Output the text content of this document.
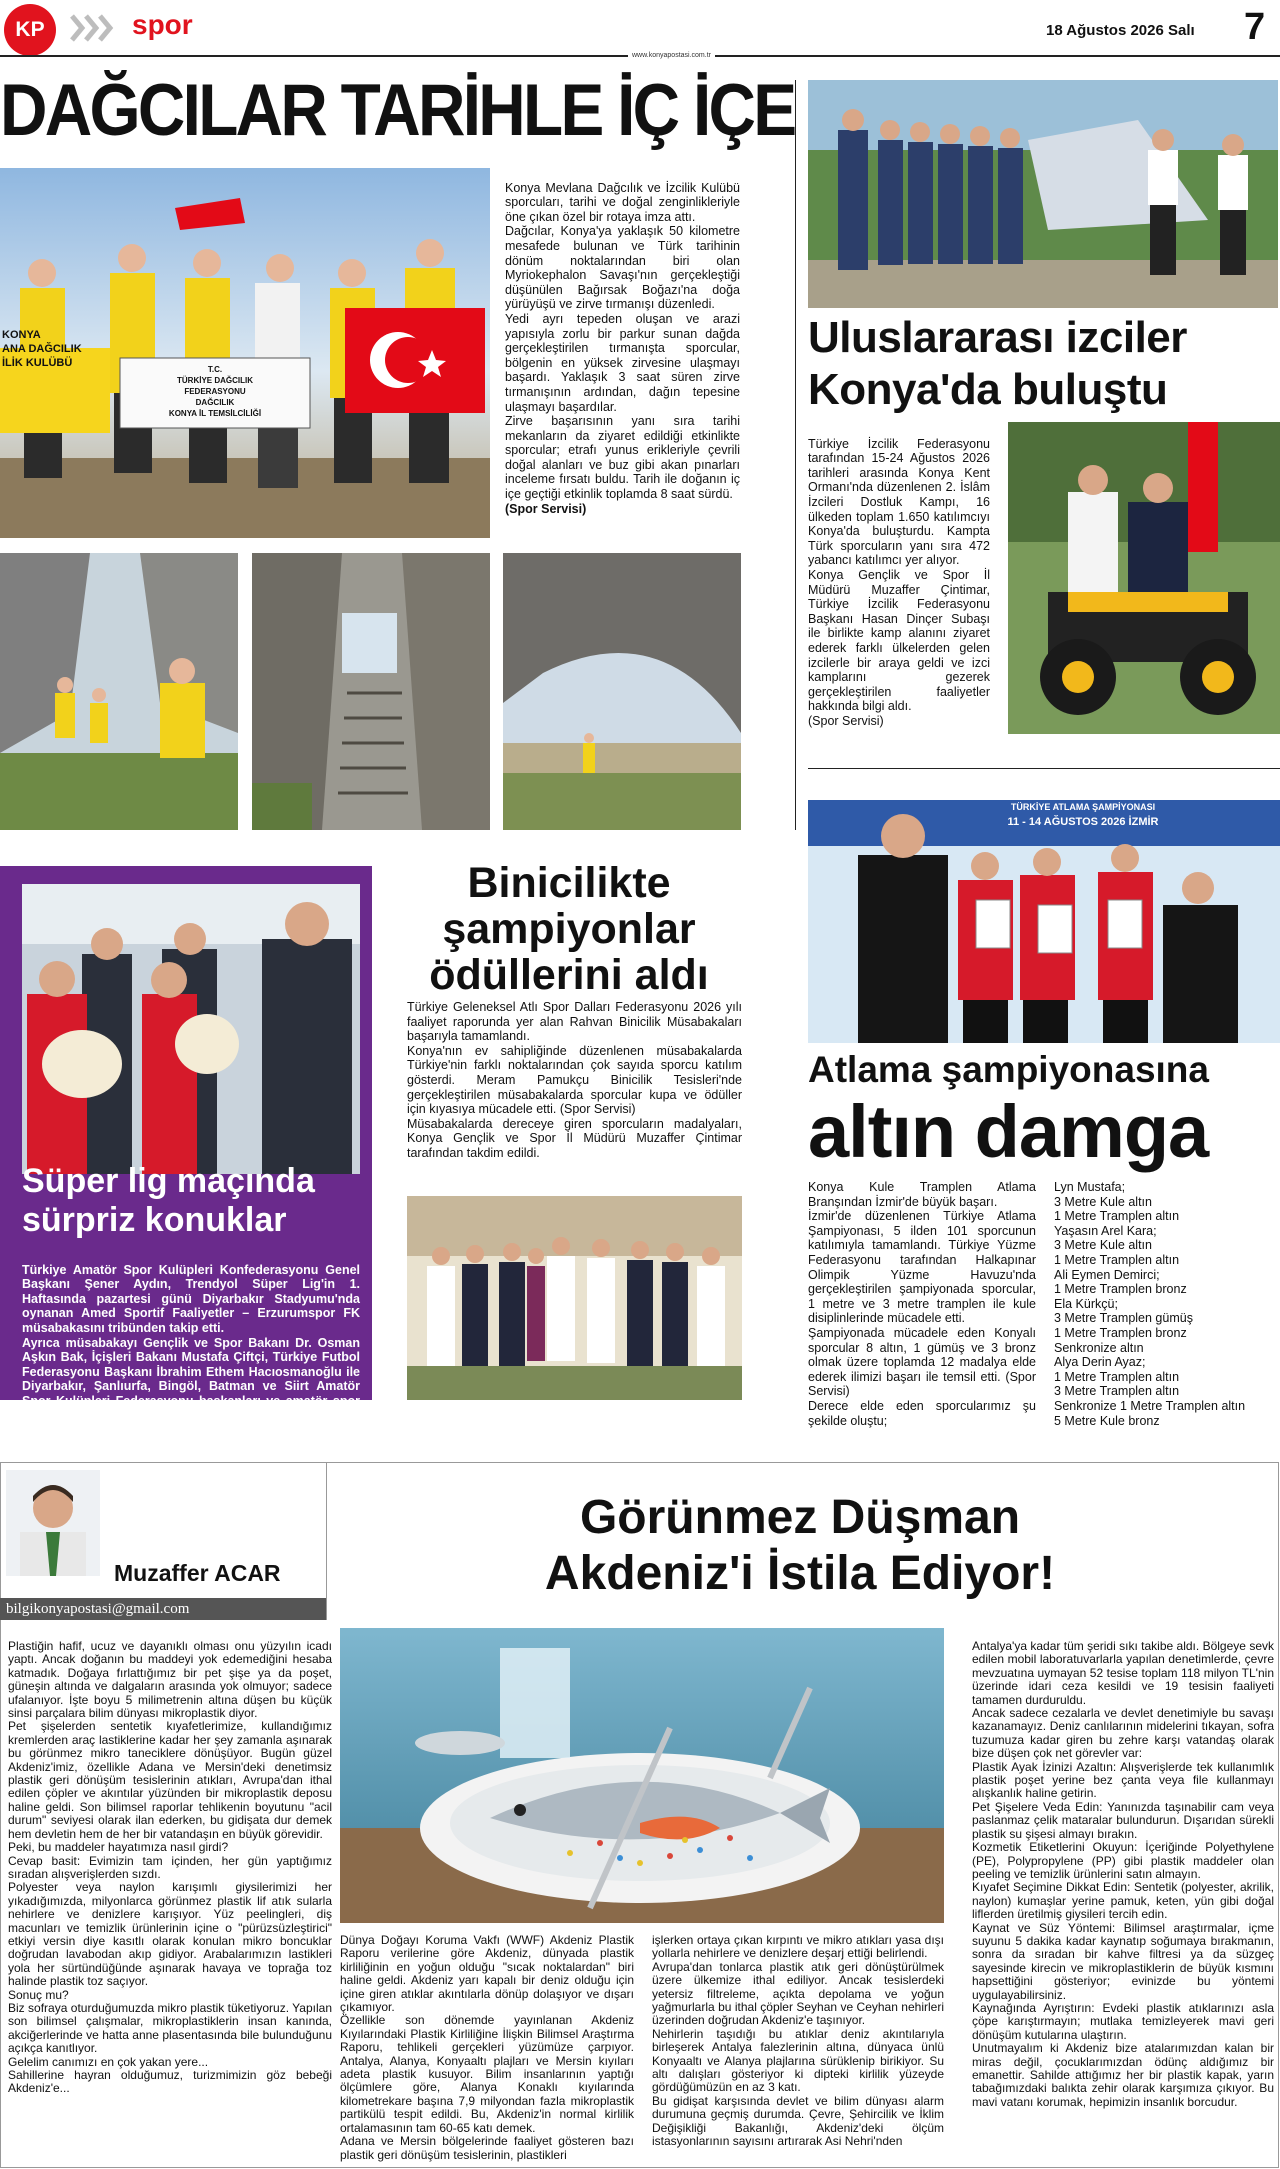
KP	spor	18 Ağustos 2026 Salı 7
www.konyapostasi.com.tr
DAĞCILAR TARİHLE İÇ İÇE
KONYA
ANA DAĞCILIK
İLİK KULÜBÜ
T.C.
TÜRKİYE DAĞCILIK
FEDERASYONU
DAĞCILIK
KONYA İL TEMSİLCİLİĞİ

Konya Mevlana Dağcılık ve İzcilik Kulübü sporcuları, tarihi ve doğal zenginlikleriyle öne çıkan özel bir rotaya imza attı.
Dağcılar, Konya'ya yaklaşık 50 kilometre mesafede bulunan ve Türk tarihinin dönüm noktalarından biri olan Myriokephalon Savaşı'nın gerçekleştiği düşünülen Bağırsak Boğazı'na doğa yürüyüşü ve zirve tırmanışı düzenledi.
Yedi ayrı tepeden oluşan ve arazi yapısıyla zorlu bir parkur sunan dağda gerçekleştirilen tırmanışta sporcular, bölgenin en yüksek zirvesine ulaşmayı başardı. Yaklaşık 3 saat süren zirve tırmanışının ardından, dağın tepesine ulaşmayı başardılar.
Zirve başarısının yanı sıra tarihi mekanların da ziyaret edildiği etkinlikte sporcular; etrafı yunus erikleriyle çevrili doğal alanları ve buz gibi akan pınarları inceleme fırsatı buldu. Tarih ile doğanın iç içe geçtiği etkinlik toplamda 8 saat sürdü.
(Spor Servisi)

Uluslararası izciler Konya'da buluştu

Türkiye İzcilik Federasyonu tarafından 15-24 Ağustos 2026 tarihleri arasında Konya Kent Ormanı'nda düzenlenen 2. İslâm İzcileri Dostluk Kampı, 16 ülkeden toplam 1.650 katılımcıyı Konya'da buluşturdu. Kampta Türk sporcuların yanı sıra 472 yabancı katılımcı yer alıyor.
Konya Gençlik ve Spor İl Müdürü Muzaffer Çintimar, Türkiye İzcilik Federasyonu Başkanı Hasan Dinçer Subaşı ile birlikte kamp alanını ziyaret ederek farklı ülkelerden gelen izcilerle bir araya geldi ve izci kamplarını gezerek gerçekleştirilen faaliyetler hakkında bilgi aldı.
(Spor Servisi)

TÜRKİYE ATLAMA ŞAMPİYONASI
11 - 14 AĞUSTOS 2026 İZMİR
Atlama şampiyonasına
altın damga
Konya Kule Tramplen Atlama Branşından İzmir'de büyük başarı.
İzmir'de düzenlenen Türkiye Atlama Şampiyonası, 5 ilden 101 sporcunun katılımıyla tamamlandı. Türkiye Yüzme Federasyonu tarafından Halkapınar Olimpik Yüzme Havuzu'nda gerçekleştirilen şampiyonada sporcular, 1 metre ve 3 metre tramplen ile kule disiplinlerinde mücadele etti.
Şampiyonada mücadele eden Konyalı sporcular 8 altın, 1 gümüş ve 3 bronz olmak üzere toplamda 12 madalya elde ederek ilimizi başarı ile temsil etti. (Spor Servisi)
Derece elde eden sporcularımız şu şekilde oluştu;
Lyn Mustafa;
3 Metre Kule altın
1 Metre Tramplen altın
Yaşasın Arel Kara;
3 Metre Kule altın
1 Metre Tramplen altın
Ali Eymen Demirci;
1 Metre Tramplen bronz
Ela Kürkçü;
3 Metre Tramplen gümüş
1 Metre Tramplen bronz
Senkronize altın
Alya Derin Ayaz;
1 Metre Tramplen altın
3 Metre Tramplen altın
Senkronize 1 Metre Tramplen altın
5 Metre Kule bronz
Süper lig maçında sürpriz konuklar

Türkiye Amatör Spor Kulüpleri Konfederasyonu Genel Başkanı Şener Aydın, Trendyol Süper Lig'in 1. Haftasında pazartesi günü Diyarbakır Stadyumu'nda oynanan Amed Sportif Faaliyetler – Erzurumspor FK müsabakasını tribünden takip etti.
Ayrıca müsabakayı Gençlik ve Spor Bakanı Dr. Osman Aşkın Bak, İçişleri Bakanı Mustafa Çiftçi, Türkiye Futbol Federasyonu Başkanı İbrahim Ethem Hacıosmanoğlu ile Diyarbakır, Şanlıurfa, Bingöl, Batman ve Siirt Amatör Spor Kulüpleri Federasyonu başkanları ve amatör spor temsilcileri de mücadeleyi takip eden isimlerdi.
(Spor Servisi)

Binicilikte şampiyonlar ödüllerini aldı
Türkiye Geleneksel Atlı Spor Dalları Federasyonu 2026 yılı faaliyet raporunda yer alan Rahvan Binicilik Müsabakaları başarıyla tamamlandı.
Konya'nın ev sahipliğinde düzenlenen müsabakalarda Türkiye'nin farklı noktalarından çok sayıda sporcu katılım gösterdi. Meram Pamukçu Binicilik Tesisleri'nde gerçekleştirilen müsabakalarda sporcular kupa ve ödüller için kıyasıya mücadele etti. (Spor Servisi)
Müsabakalarda dereceye giren sporcuların madalyaları, Konya Gençlik ve Spor İl Müdürü Muzaffer Çintimar tarafından takdim edildi.
Muzaffer ACAR
bilgikonyapostasi@gmail.com
Görünmez Düşman
Akdeniz'i İstila Ediyor!
Plastiğin hafif, ucuz ve dayanıklı olması onu yüzyılın icadı yaptı. Ancak doğanın bu maddeyi yok edemediğini hesaba katmadık. Doğaya fırlattığımız bir pet şişe ya da poşet, güneşin altında ve dalgaların arasında yok olmuyor; sadece ufalanıyor. İşte boyu 5 milimetrenin altına düşen bu küçük sinsi parçalara bilim dünyası mikroplastik diyor.
Pet şişelerden sentetik kıyafetlerimize, kullandığımız kremlerden araç lastiklerine kadar her şey zamanla aşınarak bu görünmez mikro taneciklere dönüşüyor. Bugün güzel Akdeniz'imiz, özellikle Adana ve Mersin'deki denetimsiz plastik geri dönüşüm tesislerinin atıkları, Avrupa'dan ithal edilen çöpler ve akıntılar yüzünden bir mikroplastik deposu haline geldi. Son bilimsel raporlar tehlikenin boyutunu "acil durum" seviyesi olarak ilan ederken, bu gidişata dur demek hem devletin hem de her bir vatandaşın en büyük görevidir.
Peki, bu maddeler hayatımıza nasıl girdi?
Cevap basit: Evimizin tam içinden, her gün yaptığımız sıradan alışverişlerden sızdı.
Polyester veya naylon karışımlı giysilerimizi her yıkadığımızda, milyonlarca görünmez plastik lif atık sularla nehirlere ve denizlere karışıyor. Yüz peelingleri, diş macunları ve temizlik ürünlerinin içine o "pürüzsüzleştirici" etkiyi versin diye kasıtlı olarak konulan mikro boncuklar doğrudan lavabodan akıp gidiyor. Arabalarımızın lastikleri yola her sürtündüğünde aşınarak havaya ve toprağa toz halinde plastik toz saçıyor.
Sonuç mu?
Biz sofraya oturduğumuzda mikro plastik tüketiyoruz. Yapılan son bilimsel çalışmalar, mikroplastiklerin insan kanında, akciğerlerinde ve hatta anne plasentasında bile bulunduğunu açıkça kanıtlıyor.
Gelelim canımızı en çok yakan yere...
Sahillerine hayran olduğumuz, turizmimizin göz bebeği Akdeniz'e...
Dünya Doğayı Koruma Vakfı (WWF) Akdeniz Plastik Raporu verilerine göre Akdeniz, dünyada plastik kirliliğinin en yoğun olduğu "sıcak noktalardan" biri haline geldi. Akdeniz yarı kapalı bir deniz olduğu için içine giren atıklar akıntılarla dönüp dolaşıyor ve dışarı çıkamıyor.
Özellikle son dönemde yayınlanan Akdeniz Kıyılarındaki Plastik Kirliliğine İlişkin Bilimsel Araştırma Raporu, tehlikeli gerçekleri yüzümüze çarpıyor. Antalya, Alanya, Konyaaltı plajları ve Mersin kıyıları adeta plastik kusuyor. Bilim insanlarının yaptığı ölçümlere göre, Alanya Konaklı kıyılarında kilometrekare başına 7,9 milyondan fazla mikroplastik partikülü tespit edildi. Bu, Akdeniz'in normal kirlilik ortalamasının tam 60-65 katı demek.
Adana ve Mersin bölgelerinde faaliyet gösteren bazı plastik geri dönüşüm tesislerinin, plastikleri
işlerken ortaya çıkan kırpıntı ve mikro atıkları yasa dışı yollarla nehirlere ve denizlere deşarj ettiği belirlendi.
Avrupa'dan tonlarca plastik atık geri dönüştürülmek üzere ülkemize ithal ediliyor. Ancak tesislerdeki yetersiz filtreleme, açıkta depolama ve yoğun yağmurlarla bu ithal çöpler Seyhan ve Ceyhan nehirleri üzerinden doğrudan Akdeniz'e taşınıyor.
Nehirlerin taşıdığı bu atıklar deniz akıntılarıyla birleşerek Antalya falezlerinin altına, dünyaca ünlü Konyaaltı ve Alanya plajlarına sürüklenip birikiyor. Su altı dalışları gösteriyor ki dipteki kirlilik yüzeyde gördüğümüzün en az 3 katı.
Bu gidişat karşısında devlet ve bilim dünyası alarm durumuna geçmiş durumda. Çevre, Şehircilik ve İklim Değişikliği Bakanlığı, Akdeniz'deki ölçüm istasyonlarının sayısını artırarak Asi Nehri'nden
Antalya'ya kadar tüm şeridi sıkı takibe aldı. Bölgeye sevk edilen mobil laboratuvarlarla yapılan denetimlerde, çevre mevzuatına uymayan 52 tesise toplam 118 milyon TL'nin üzerinde idari ceza kesildi ve 19 tesisin faaliyeti tamamen durduruldu.
Ancak sadece cezalarla ve devlet denetimiyle bu savaşı kazanamayız. Deniz canlılarının midelerini tıkayan, sofra tuzumuza kadar giren bu zehre karşı vatandaş olarak bize düşen çok net görevler var:
Plastik Ayak İzinizi Azaltın: Alışverişlerde tek kullanımlık plastik poşet yerine bez çanta veya file kullanmayı alışkanlık haline getirin.
Pet Şişelere Veda Edin: Yanınızda taşınabilir cam veya paslanmaz çelik mataralar bulundurun. Dışarıdan sürekli plastik su şişesi almayı bırakın.
Kozmetik Etiketlerini Okuyun: İçeriğinde Polyethylene (PE), Polypropylene (PP) gibi plastik maddeler olan peeling ve temizlik ürünlerini satın almayın.
Kıyafet Seçimine Dikkat Edin: Sentetik (polyester, akrilik, naylon) kumaşlar yerine pamuk, keten, yün gibi doğal liflerden üretilmiş giysileri tercih edin.
Kaynat ve Süz Yöntemi: Bilimsel araştırmalar, içme suyunu 5 dakika kadar kaynatıp soğumaya bırakmanın, sonra da sıradan bir kahve filtresi ya da süzgeç sayesinde kirecin ve mikroplastiklerin de büyük kısmını hapsettiğini gösteriyor; evinizde bu yöntemi uygulayabilirsiniz.
Kaynağında Ayrıştırın: Evdeki plastik atıklarınızı asla çöpe karıştırmayın; mutlaka temizleyerek mavi geri dönüşüm kutularına ulaştırın.
Unutmayalım ki Akdeniz bize atalarımızdan kalan bir miras değil, çocuklarımızdan ödünç aldığımız bir emanettir. Sahilde attığımız her bir plastik kapak, yarın tabağımızdaki balıkta zehir olarak karşımıza çıkıyor. Bu mavi vatanı korumak, hepimizin insanlık borcudur.
